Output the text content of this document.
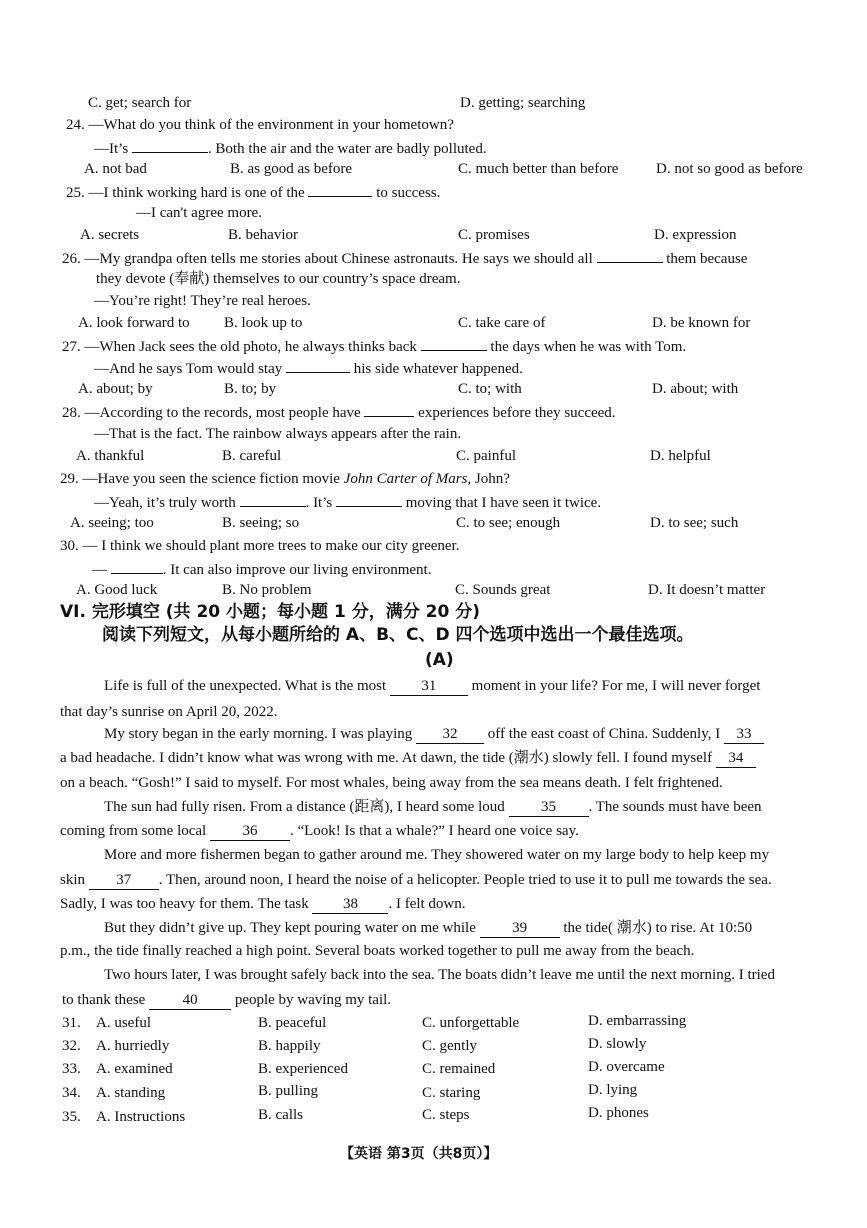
C. get; search for	D. getting; searching
24. —What do you think of the environment in your hometown?
—It’s	. Both the air and the water are badly polluted.
A. not bad	B. as good as before	C. much better than before	D. not so good as before
25. —I think working hard is one of the	to success.
—I can't agree more.
A. secrets	B. behavior	C. promises	D. expression
26. —My grandpa often tells me stories about Chinese astronauts. He says we should all	them because
they devote (奉献) themselves to our country’s space dream.
—You’re right! They’re real heroes.
A. look forward to B. look up to	C. take care of	D. be known for
27. —When Jack sees the old photo, he always thinks back	the days when he was with Tom.
—And he says Tom would stay	his side whatever happened.
A. about; by	B. to; by	C. to; with	D. about; with
28. —According to the records, most people have	experiences before they succeed.
—That is the fact. The rainbow always appears after the rain.
A. thankful	B. careful	C. painful	D. helpful
29. —Have you seen the science fiction movie John Carter of Mars, John?
—Yeah, it’s truly worth	. It’s	moving that I have seen it twice.
A. seeing; too	B. seeing; so	C. to see; enough	D. to see; such
30. — I think we should plant more trees to make our city greener.
—	. It can also improve our living environment.
A. Good luck	B. No problem	C. Sounds great	D. It doesn’t matter
VI. 完形填空 (共 20 小题；每小题 1 分，满分 20 分)
阅读下列短文，从每小题所给的 A、B、C、D 四个选项中选出一个最佳选项。
(A)
Life is full of the unexpected. What is the most 31 moment in your life? For me, I will never forget
that day’s sunrise on April 20, 2022.
My story began in the early morning. I was playing 32 off the east coast of China. Suddenly, I 33
a bad headache. I didn’t know what was wrong with me. At dawn, the tide (潮水) slowly fell. I found myself 34
on a beach. “Gosh!” I said to myself. For most whales, being away from the sea means death. I felt frightened.
The sun had fully risen. From a distance (距离), I heard some loud 35 . The sounds must have been
coming from some local 36 . “Look! Is that a whale?” I heard one voice say.
More and more fishermen began to gather around me. They showered water on my large body to help keep my
skin 37 . Then, around noon, I heard the noise of a helicopter. People tried to use it to pull me towards the sea.
Sadly, I was too heavy for them. The task 38 . I felt down.
But they didn’t give up. They kept pouring water on me while 39 the tide( 潮水) to rise. At 10:50
p.m., the tide finally reached a high point. Several boats worked together to pull me away from the beach.
Two hours later, I was brought safely back into the sea. The boats didn’t leave me until the next morning. I tried
to thank these 40 people by waving my tail.
31. A. useful	B. peaceful	C. unforgettable	D. embarrassing
32. A. hurriedly	B. happily	C. gently	D. slowly
33. A. examined	B. experienced	C. remained	D. overcame
34. A. standing	B. pulling	C. staring	D. lying
35. A. Instructions	B. calls	C. steps	D. phones
【英语 第3页（共8页）】
